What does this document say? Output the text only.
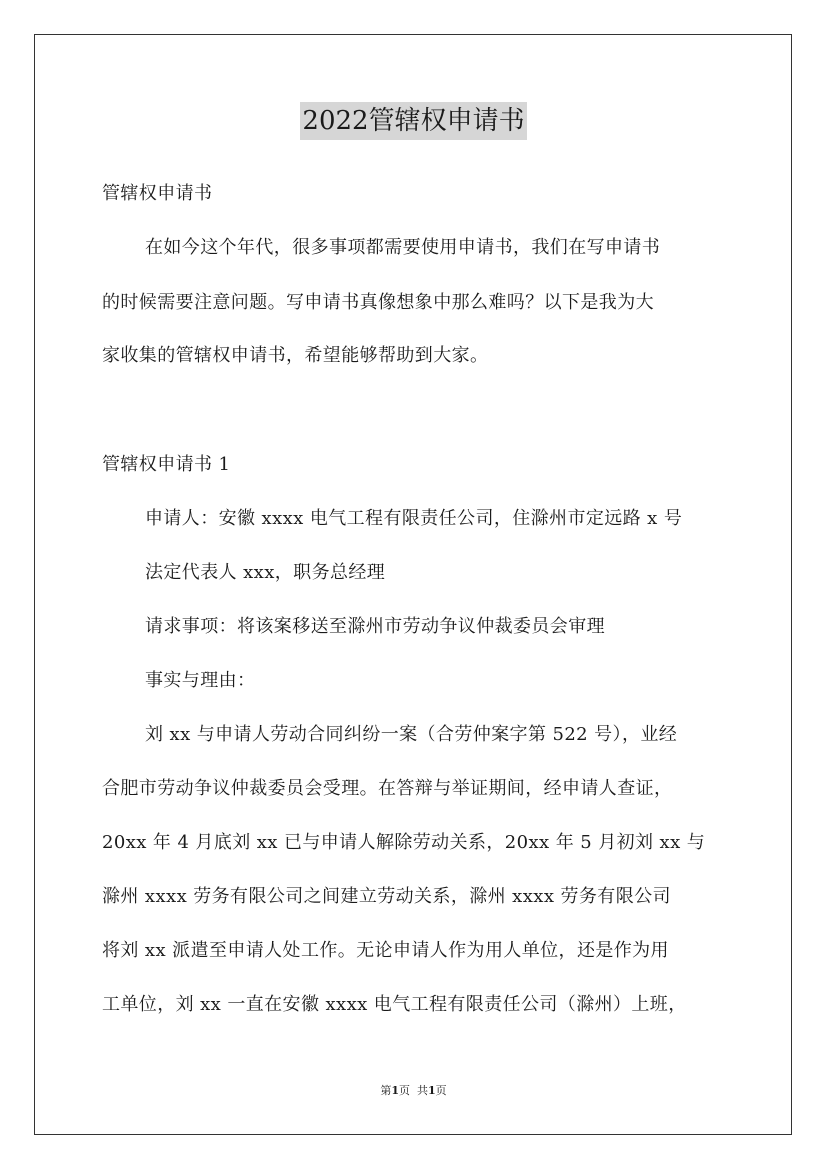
2022管辖权申请书
管辖权申请书
在如今这个年代，很多事项都需要使用申请书，我们在写申请书
的时候需要注意问题。写申请书真像想象中那么难吗？以下是我为大
家收集的管辖权申请书，希望能够帮助到大家。
管辖权申请书 1
申请人：安徽 xxxx 电气工程有限责任公司，住滁州市定远路 x 号
法定代表人 xxx，职务总经理
请求事项：将该案移送至滁州市劳动争议仲裁委员会审理
事实与理由：
刘 xx 与申请人劳动合同纠纷一案（合劳仲案字第 522 号），业经
合肥市劳动争议仲裁委员会受理。在答辩与举证期间，经申请人查证，
20xx 年 4 月底刘 xx 已与申请人解除劳动关系，20xx 年 5 月初刘 xx 与
滁州 xxxx 劳务有限公司之间建立劳动关系，滁州 xxxx 劳务有限公司
将刘 xx 派遣至申请人处工作。无论申请人作为用人单位，还是作为用
工单位，刘 xx 一直在安徽 xxxx 电气工程有限责任公司（滁州）上班，
第1页 共1页
